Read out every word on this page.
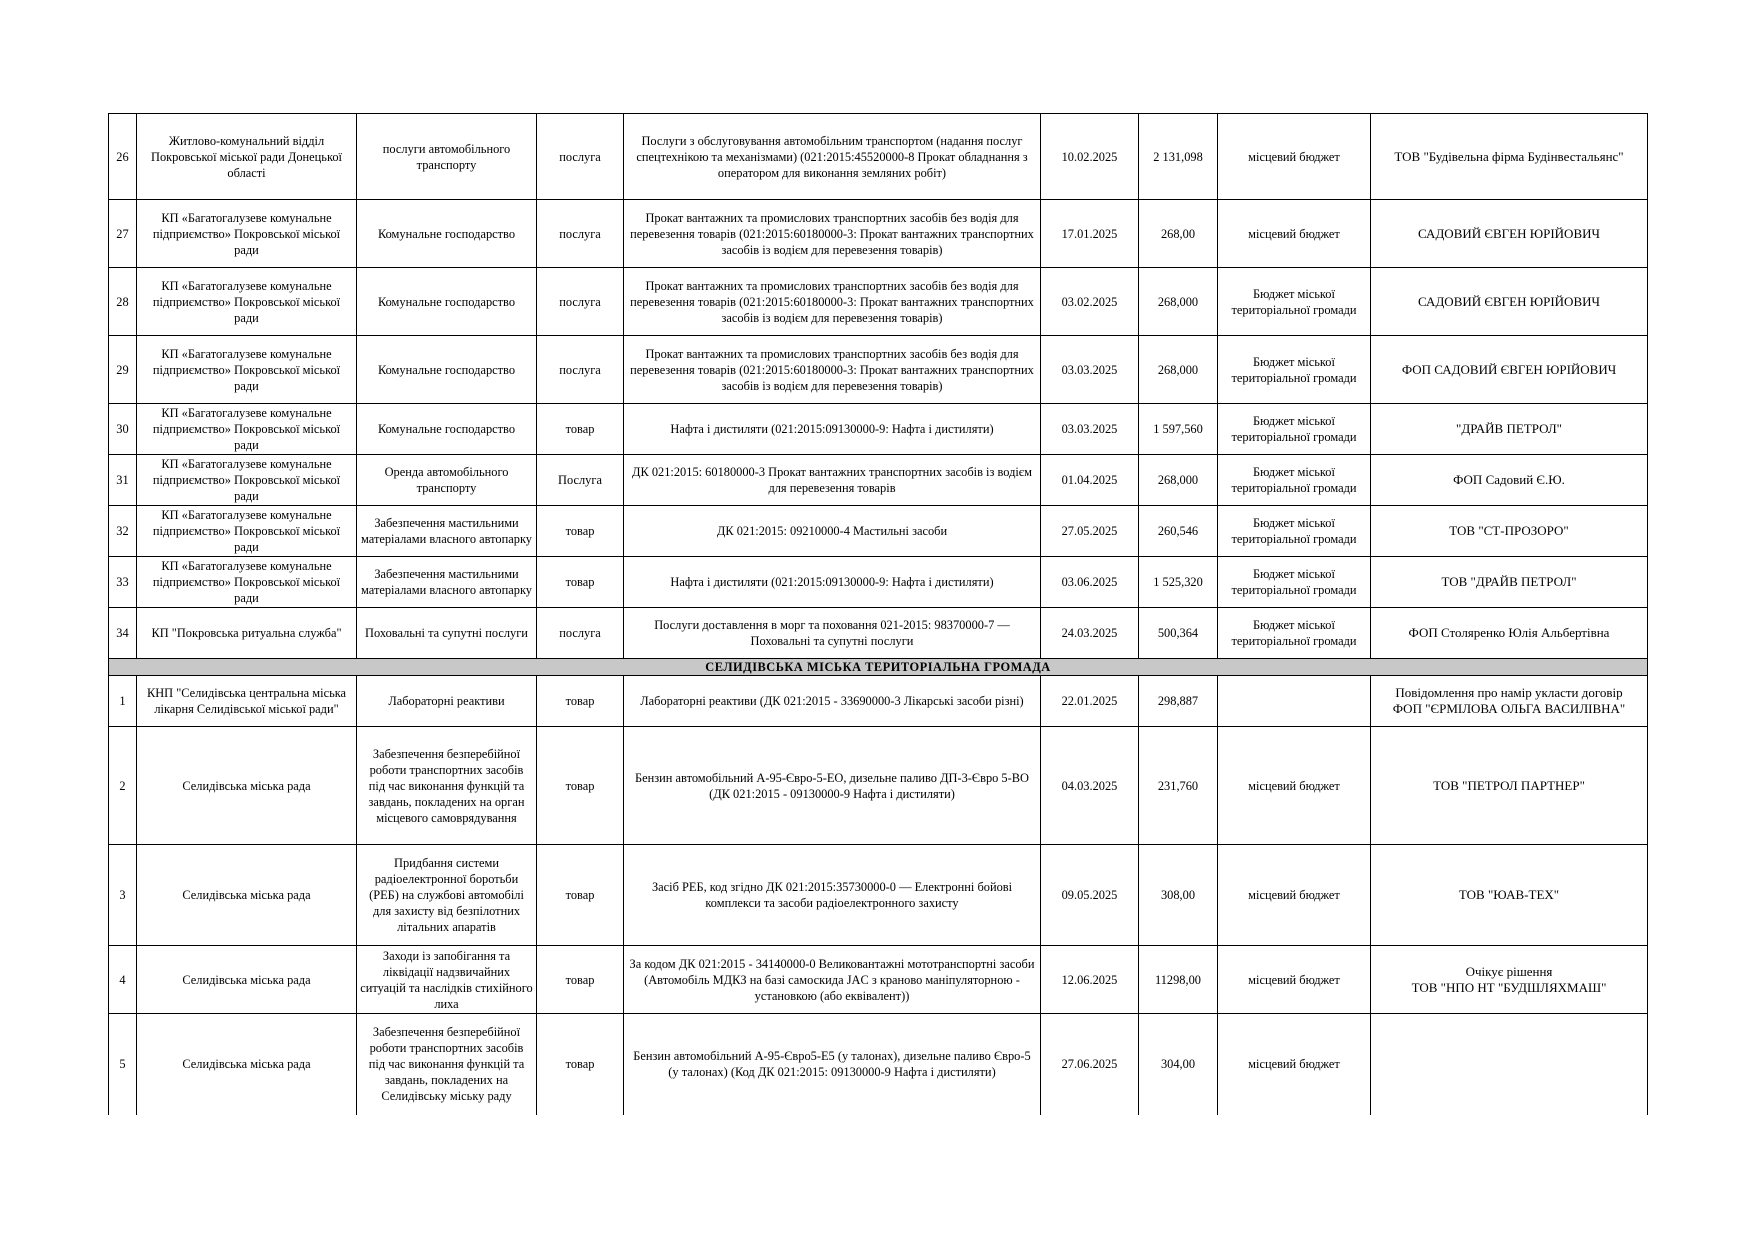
26	Житлово-комунальний відділ Покровської міської ради Донецької області	послуги автомобільного транспорту	послуга	Послуги з обслуговування автомобільним транспортом (надання послуг спецтехнікою та механізмами) (021:2015:45520000-8 Прокат обладнання з оператором для виконання земляних робіт)	10.02.2025	2 131,098	місцевий бюджет	ТОВ "Будівельна фірма Будінвестальянс"
27	КП «Багатогалузеве комунальне підприємство» Покровської міської ради	Комунальне господарство	послуга	Прокат вантажних та промислових транспортних засобів без водія для перевезення товарів (021:2015:60180000-3: Прокат вантажних транспортних засобів із водієм для перевезення товарів)	17.01.2025	268,00	місцевий бюджет	САДОВИЙ ЄВГЕН ЮРІЙОВИЧ
28	КП «Багатогалузеве комунальне підприємство» Покровської міської ради	Комунальне господарство	послуга	Прокат вантажних та промислових транспортних засобів без водія для перевезення товарів (021:2015:60180000-3: Прокат вантажних транспортних засобів із водієм для перевезення товарів)	03.02.2025	268,000	Бюджет міської територіальної громади	САДОВИЙ ЄВГЕН ЮРІЙОВИЧ
29	КП «Багатогалузеве комунальне підприємство» Покровської міської ради	Комунальне господарство	послуга	Прокат вантажних та промислових транспортних засобів без водія для перевезення товарів (021:2015:60180000-3: Прокат вантажних транспортних засобів із водієм для перевезення товарів)	03.03.2025	268,000	Бюджет міської територіальної громади	ФОП САДОВИЙ ЄВГЕН ЮРІЙОВИЧ
30	КП «Багатогалузеве комунальне підприємство» Покровської міської ради	Комунальне господарство	товар	Нафта і дистиляти (021:2015:09130000-9: Нафта і дистиляти)	03.03.2025	1 597,560	Бюджет міської територіальної громади	"ДРАЙВ ПЕТРОЛ"
31	КП «Багатогалузеве комунальне підприємство» Покровської міської ради	Оренда автомобільного транспорту	Послуга	ДК 021:2015: 60180000-3 Прокат вантажних транспортних засобів із водієм для перевезення товарів	01.04.2025	268,000	Бюджет міської територіальної громади	ФОП Садовий Є.Ю.
32	КП «Багатогалузеве комунальне підприємство» Покровської міської ради	Забезпечення мастильними матеріалами власного автопарку	товар	ДК 021:2015: 09210000-4 Мастильні засоби	27.05.2025	260,546	Бюджет міської територіальної громади	ТОВ "СТ-ПРОЗОРО"
33	КП «Багатогалузеве комунальне підприємство» Покровської міської ради	Забезпечення мастильними матеріалами власного автопарку	товар	Нафта і дистиляти (021:2015:09130000-9: Нафта і дистиляти)	03.06.2025	1 525,320	Бюджет міської територіальної громади	ТОВ "ДРАЙВ ПЕТРОЛ"
34	КП "Покровська ритуальна служба"	Поховальні та супутні послуги	послуга	Послуги доставлення в морг та поховання 021-2015: 98370000-7 — Поховальні та супутні послуги	24.03.2025	500,364	Бюджет міської територіальної громади	ФОП Столяренко Юлія Альбертівна
СЕЛИДІВСЬКА МІСЬКА ТЕРИТОРІАЛЬНА ГРОМАДА								
1	КНП "Селидівська центральна міська лікарня Селидівської міської ради"	Лабораторні реактиви	товар	Лабораторні реактиви (ДК 021:2015 - 33690000-3 Лікарські засоби різні)	22.01.2025	298,887		Повідомлення про намір укласти договір
ФОП "ЄРМІЛОВА ОЛЬГА ВАСИЛІВНА"

2	Селидівська міська рада	Забезпечення безперебійної роботи транспортних засобів під час виконання функцій та завдань, покладених на орган місцевого самоврядування	товар	Бензин автомобільний А-95-Євро-5-ЕО, дизельне паливо ДП-3-Євро 5-ВО (ДК 021:2015 - 09130000-9 Нафта і дистиляти)	04.03.2025	231,760	місцевий бюджет	ТОВ "ПЕТРОЛ ПАРТНЕР"

3	Селидівська міська рада	Придбання системи радіоелектронної боротьби (РЕБ) на службові автомобілі для захисту від безпілотних літальних апаратів	товар	Засіб РЕБ, код згідно ДК 021:2015:35730000-0 — Електронні бойові комплекси та засоби радіоелектронного захисту	09.05.2025	308,00	місцевий бюджет	ТОВ "ЮАВ-ТЕХ"

4	Селидівська міська рада	Заходи із запобігання та ліквідації надзвичайних ситуацій та наслідків стихійного лиха	товар	За кодом ДК 021:2015 - 34140000-0 Великовантажні мототранспортні засоби (Автомобіль МДКЗ на базі самоскида JAC з краново маніпуляторною - установкою (або еквівалент))	12.06.2025	11298,00	місцевий бюджет	Очікує рішення
ТОВ "НПО НТ "БУДШЛЯХМАШ"

5	Селидівська міська рада	Забезпечення безперебійної роботи транспортних засобів під час виконання функцій та завдань, покладених на Селидівську міську раду	товар	Бензин автомобільний А-95-Євро5-Е5 (у талонах), дизельне паливо Євро-5 (у талонах) (Код ДК 021:2015: 09130000-9 Нафта і дистиляти)	27.06.2025	304,00	місцевий бюджет	
